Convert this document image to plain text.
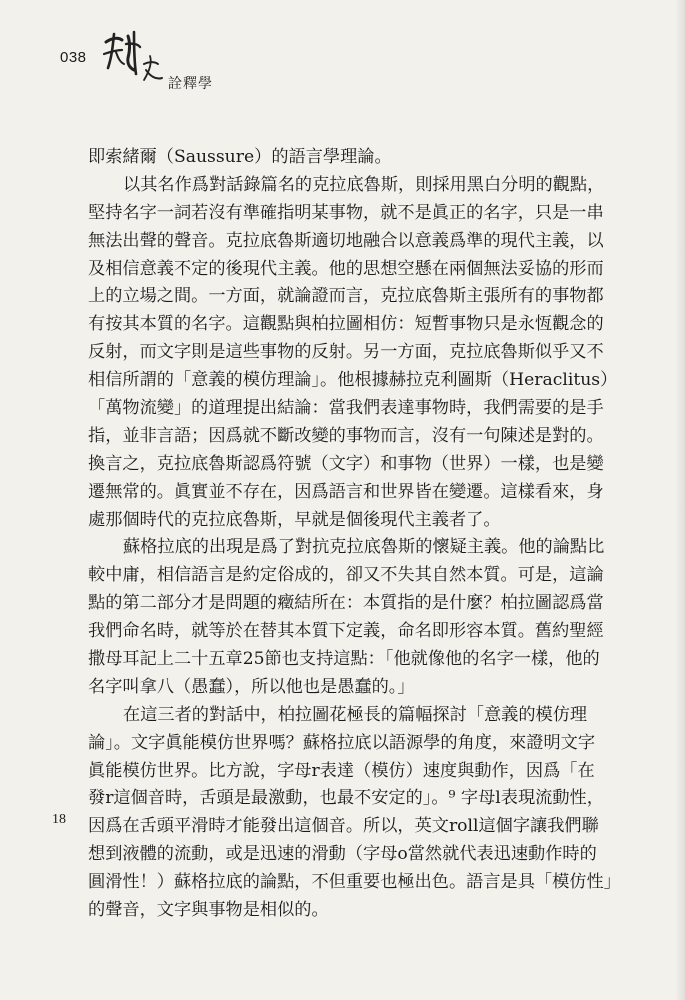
038
詮釋學
即索緒爾（Saussure）的語言學理論。
以其名作爲對話錄篇名的克拉底魯斯，則採用黑白分明的觀點，
堅持名字一詞若沒有準確指明某事物，就不是眞正的名字，只是一串
無法出聲的聲音。克拉底魯斯適切地融合以意義爲準的現代主義，以
及相信意義不定的後現代主義。他的思想空懸在兩個無法妥協的形而
上的立場之間。一方面，就論證而言，克拉底魯斯主張所有的事物都
有按其本質的名字。這觀點與柏拉圖相仿：短暫事物只是永恆觀念的
反射，而文字則是這些事物的反射。另一方面，克拉底魯斯似乎又不
相信所謂的「意義的模仿理論」。他根據赫拉克利圖斯（Heraclitus）
「萬物流變」的道理提出結論：當我們表達事物時，我們需要的是手
指，並非言語；因爲就不斷改變的事物而言，沒有一句陳述是對的。
換言之，克拉底魯斯認爲符號（文字）和事物（世界）一樣，也是變
遷無常的。眞實並不存在，因爲語言和世界皆在變遷。這樣看來，身
處那個時代的克拉底魯斯，早就是個後現代主義者了。
蘇格拉底的出現是爲了對抗克拉底魯斯的懷疑主義。他的論點比
較中庸，相信語言是約定俗成的，卻又不失其自然本質。可是，這論
點的第二部分才是問題的癥結所在：本質指的是什麼？柏拉圖認爲當
我們命名時，就等於在替其本質下定義，命名即形容本質。舊約聖經
撒母耳記上二十五章25節也支持這點：「他就像他的名字一樣，他的
名字叫拿八（愚蠢），所以他也是愚蠢的。」
在這三者的對話中，柏拉圖花極長的篇幅探討「意義的模仿理
論」。文字眞能模仿世界嗎？蘇格拉底以語源學的角度，來證明文字
眞能模仿世界。比方說，字母r表達（模仿）速度與動作，因爲「在
發r這個音時，舌頭是最激動，也最不安定的」。⁹ 字母l表現流動性，
因爲在舌頭平滑時才能發出這個音。所以，英文roll這個字讓我們聯
想到液體的流動，或是迅速的滑動（字母o當然就代表迅速動作時的
圓滑性！）蘇格拉底的論點，不但重要也極出色。語言是具「模仿性」
的聲音，文字與事物是相似的。
18
